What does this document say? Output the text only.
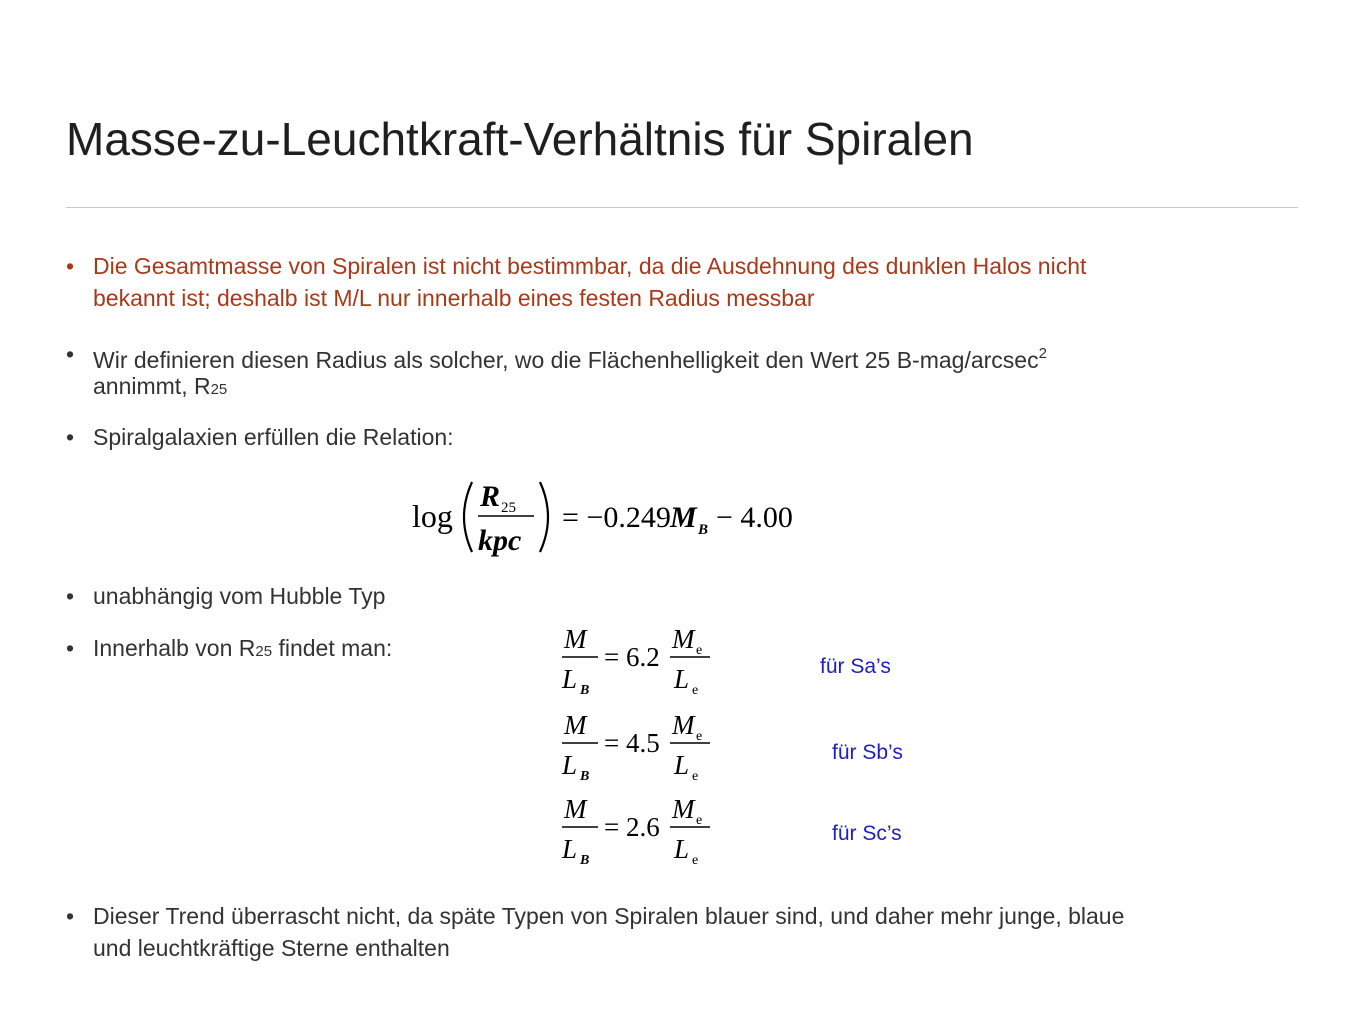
Masse-zu-Leuchtkraft-Verhältnis für Spiralen
• Die Gesamtmasse von Spiralen ist nicht bestimmbar, da die Ausdehnung des dunklen Halos nicht
bekannt ist; deshalb ist M/L nur innerhalb eines festen Radius messbar
• Wir definieren diesen Radius als solcher, wo die Flächenhelligkeit den Wert 25 B-mag/arcsec$^2$
annimmt, R25
• Spiralgalaxien erfüllen die Relation:
log
R 25
kpc
= −0.249 M B − 4.00
• unabhängig vom Hubble Typ
• Innerhalb von R25 findet man:	M
L B
= 6.2
M e
L e
für Sa’s
M
L B
= 4.5
M e
L e
für Sb’s
M
L B
= 2.6
M e
L e
für Sc’s
• Dieser Trend überrascht nicht, da späte Typen von Spiralen blauer sind, und daher mehr junge, blaue
und leuchtkräftige Sterne enthalten
